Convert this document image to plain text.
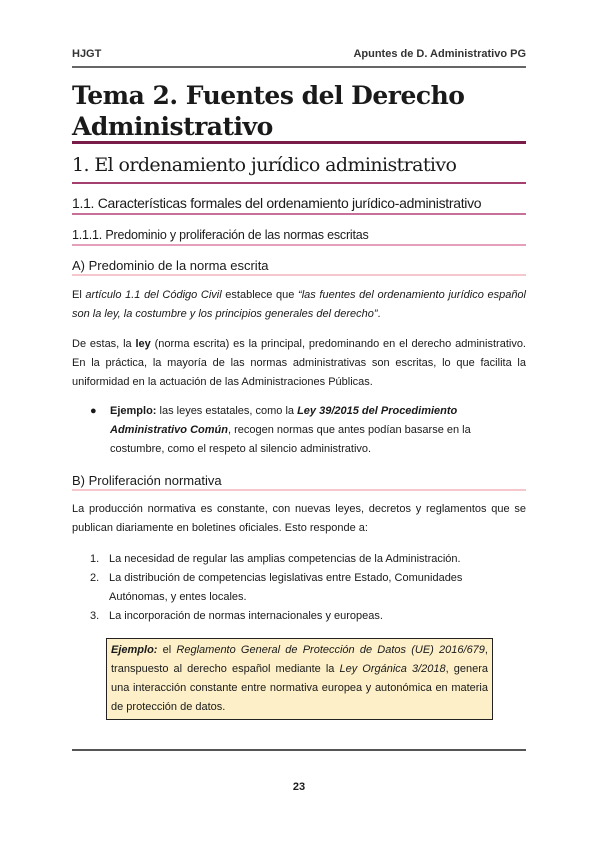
HJGT	Apuntes de D. Administrativo PG
Tema 2. Fuentes del Derecho
Administrativo
1. El ordenamiento jurídico administrativo
1.1. Características formales del ordenamiento jurídico-administrativo
1.1.1. Predominio y proliferación de las normas escritas
A) Predominio de la norma escrita
El artículo 1.1 del Código Civil establece que “las fuentes del ordenamiento jurídico español son la ley, la costumbre y los principios generales del derecho”.
De estas, la ley (norma escrita) es la principal, predominando en el derecho administrativo. En la práctica, la mayoría de las normas administrativas son escritas, lo que facilita la uniformidad en la actuación de las Administraciones Públicas.
● Ejemplo: las leyes estatales, como la Ley 39/2015 del Procedimiento Administrativo Común, recogen normas que antes podían basarse en la costumbre, como el respeto al silencio administrativo.
B) Proliferación normativa
La producción normativa es constante, con nuevas leyes, decretos y reglamentos que se publican diariamente en boletines oficiales. Esto responde a:
1. La necesidad de regular las amplias competencias de la Administración.
2. La distribución de competencias legislativas entre Estado, Comunidades Autónomas, y entes locales.
3. La incorporación de normas internacionales y europeas.
Ejemplo: el Reglamento General de Protección de Datos (UE) 2016/679, transpuesto al derecho español mediante la Ley Orgánica 3/2018, genera una interacción constante entre normativa europea y autonómica en materia de protección de datos.
23
